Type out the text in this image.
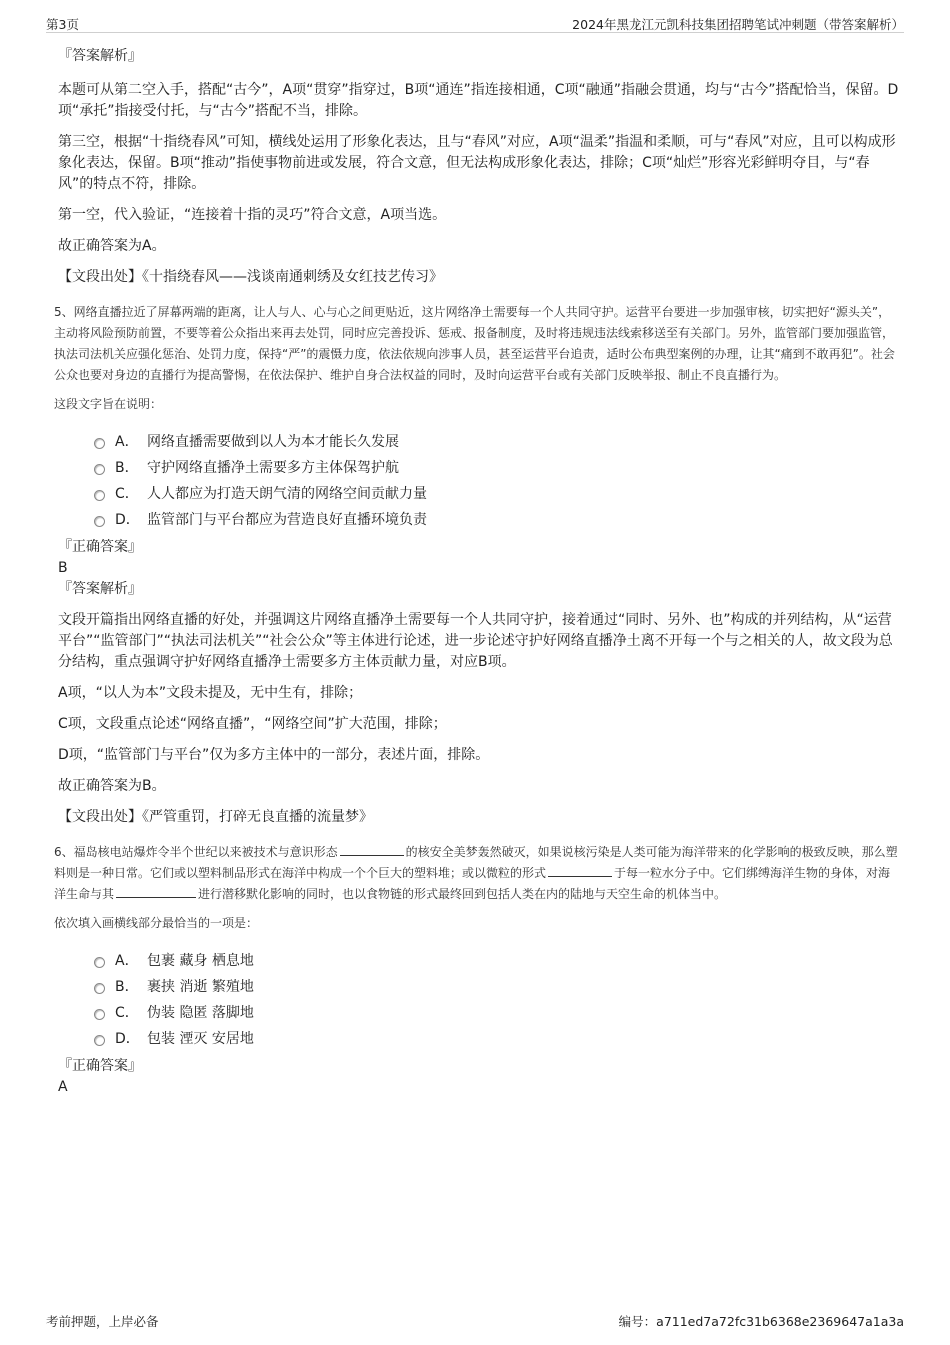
第3页	2024年黑龙江元凯科技集团招聘笔试冲刺题（带答案解析）
『答案解析』

本题可从第二空入手，搭配“古今”，A项“贯穿”指穿过，B项“通连”指连接相通，C项“融通”指融会贯通，均与“古今”搭配恰当，保留。D项“承托”指接受付托，与“古今”搭配不当，排除。

第三空，根据“十指绕春风”可知，横线处运用了形象化表达，且与“春风”对应，A项“温柔”指温和柔顺，可与“春风”对应，且可以构成形象化表达，保留。B项“推动”指使事物前进或发展，符合文意，但无法构成形象化表达，排除；C项“灿烂”形容光彩鲜明夺目，与“春风”的特点不符，排除。

第一空，代入验证，“连接着十指的灵巧”符合文意，A项当选。

故正确答案为A。

【文段出处】《十指绕春风——浅谈南通刺绣及女红技艺传习》

5、网络直播拉近了屏幕两端的距离，让人与人、心与心之间更贴近，这片网络净土需要每一个人共同守护。运营平台要进一步加强审核，切实把好“源头关”，主动将风险预防前置，不要等着公众指出来再去处罚，同时应完善投诉、惩戒、报备制度，及时将违规违法线索移送至有关部门。另外，监管部门要加强监管，执法司法机关应强化惩治、处罚力度，保持“严”的震慑力度，依法依规向涉事人员，甚至运营平台追责，适时公布典型案例的办理，让其“痛到不敢再犯”。社会公众也要对身边的直播行为提高警惕，在依法保护、维护自身合法权益的同时，及时向运营平台或有关部门反映举报、制止不良直播行为。

这段文字旨在说明：

A． 网络直播需要做到以人为本才能长久发展
B． 守护网络直播净土需要多方主体保驾护航
C． 人人都应为打造天朗气清的网络空间贡献力量
D． 监管部门与平台都应为营造良好直播环境负责
『正确答案』
B
『答案解析』

文段开篇指出网络直播的好处，并强调这片网络直播净土需要每一个人共同守护，接着通过“同时、另外、也”构成的并列结构，从“运营平台”“监管部门”“执法司法机关”“社会公众”等主体进行论述，进一步论述守护好网络直播净土离不开每一个与之相关的人，故文段为总分结构，重点强调守护好网络直播净土需要多方主体贡献力量，对应B项。

A项，“以人为本”文段未提及，无中生有，排除；

C项，文段重点论述“网络直播”，“网络空间”扩大范围，排除；

D项，“监管部门与平台”仅为多方主体中的一部分，表述片面，排除。

故正确答案为B。

【文段出处】《严管重罚，打碎无良直播的流量梦》

6、福岛核电站爆炸令半个世纪以来被技术与意识形态	的核安全美梦轰然破灭，如果说核污染是人类可能为海洋带来的化学影响的极致反映，那么塑料则是一种日常。它们或以塑料制品形式在海洋中构成一个个巨大的塑料堆；或以微粒的形式	于每一粒水分子中。它们绑缚海洋生物的身体，对海洋生命与其	进行潜移默化影响的同时，也以食物链的形式最终回到包括人类在内的陆地与天空生命的机体当中。

依次填入画横线部分最恰当的一项是：

A． 包裹 藏身 栖息地
B． 裹挟 消逝 繁殖地
C． 伪装 隐匿 落脚地
D． 包装 湮灭 安居地
『正确答案』
A
考前押题，上岸必备	编号：a711ed7a72fc31b6368e2369647a1a3a
